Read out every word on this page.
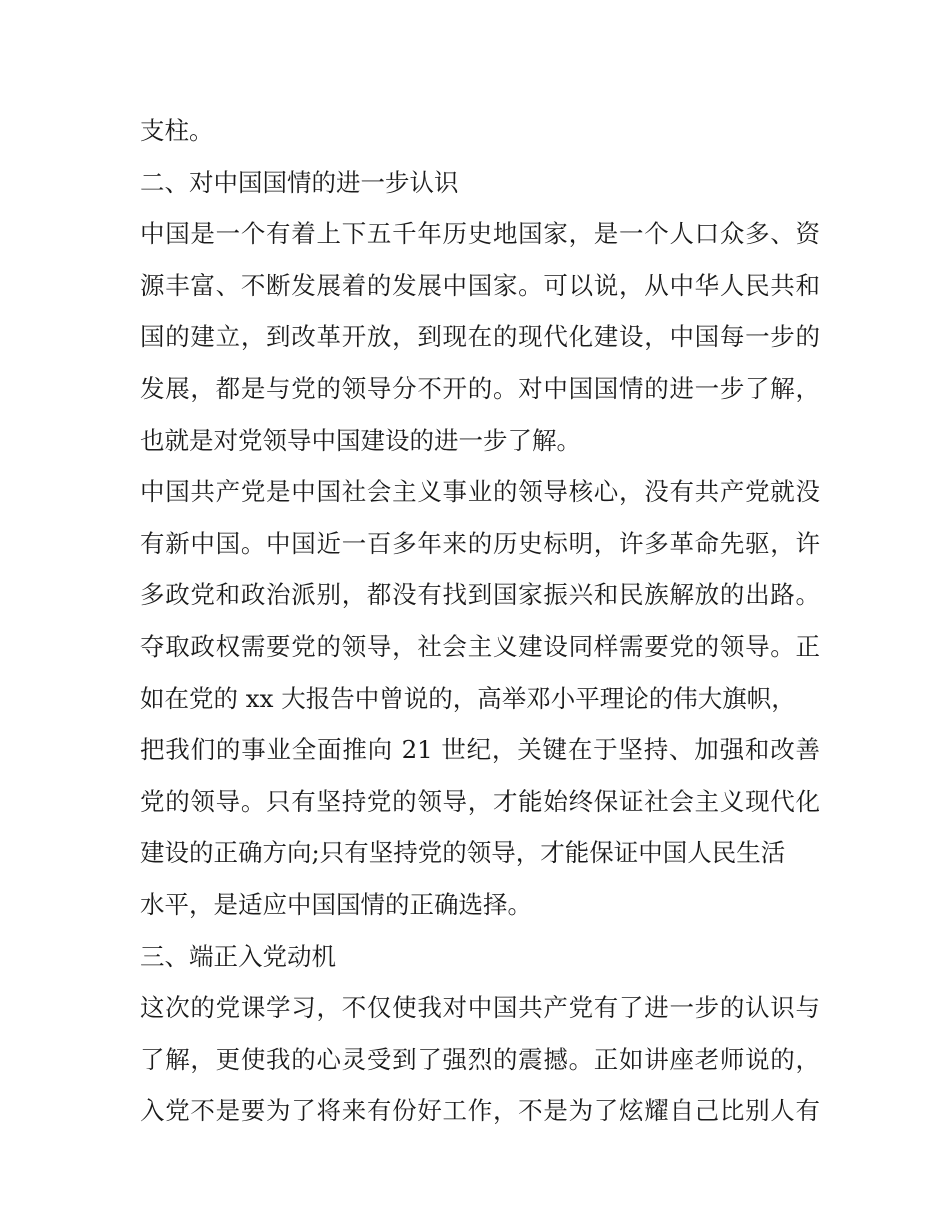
支柱。
二、对中国国情的进一步认识
中国是一个有着上下五千年历史地国家，是一个人口众多、资
源丰富、不断发展着的发展中国家。可以说，从中华人民共和
国的建立，到改革开放，到现在的现代化建设，中国每一步的
发展，都是与党的领导分不开的。对中国国情的进一步了解，
也就是对党领导中国建设的进一步了解。
中国共产党是中国社会主义事业的领导核心，没有共产党就没
有新中国。中国近一百多年来的历史标明，许多革命先驱，许
多政党和政治派别，都没有找到国家振兴和民族解放的出路。
夺取政权需要党的领导，社会主义建设同样需要党的领导。正
如在党的 xx 大报告中曾说的，高举邓小平理论的伟大旗帜，
把我们的事业全面推向 21 世纪，关键在于坚持、加强和改善
党的领导。只有坚持党的领导，才能始终保证社会主义现代化
建设的正确方向;只有坚持党的领导，才能保证中国人民生活
水平，是适应中国国情的正确选择。
三、端正入党动机
这次的党课学习，不仅使我对中国共产党有了进一步的认识与
了解，更使我的心灵受到了强烈的震撼。正如讲座老师说的，
入党不是要为了将来有份好工作，不是为了炫耀自己比别人有
